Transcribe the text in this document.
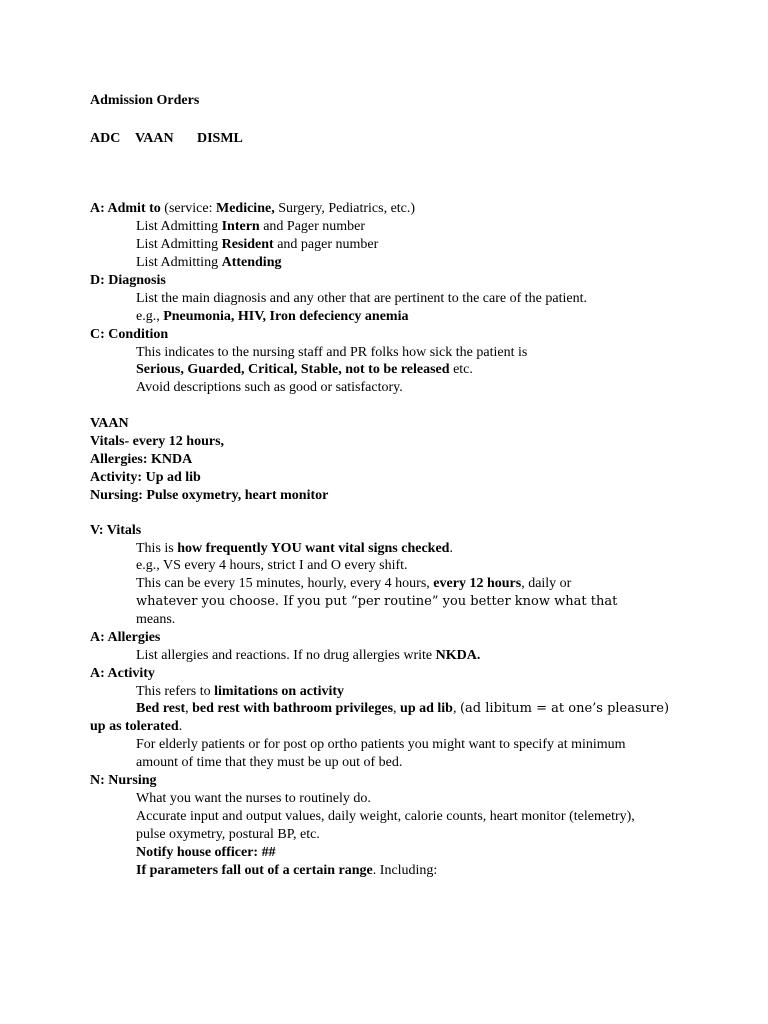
Admission Orders
ADC VAAN DISML
A: Admit to (service: Medicine, Surgery, Pediatrics, etc.)
List Admitting Intern and Pager number
List Admitting Resident and pager number
List Admitting Attending
D: Diagnosis
List the main diagnosis and any other that are pertinent to the care of the patient.
e.g., Pneumonia, HIV, Iron defeciency anemia
C: Condition
This indicates to the nursing staff and PR folks how sick the patient is
Serious, Guarded, Critical, Stable, not to be released etc.
Avoid descriptions such as good or satisfactory.
VAAN
Vitals- every 12 hours,
Allergies: KNDA
Activity: Up ad lib
Nursing: Pulse oxymetry, heart monitor
V: Vitals
This is how frequently YOU want vital signs checked.
e.g., VS every 4 hours, strict I and O every shift.
This can be every 15 minutes, hourly, every 4 hours, every 12 hours, daily or
whatever you choose. If you put “per routine” you better know what that
means.
A: Allergies
List allergies and reactions. If no drug allergies write NKDA.
A: Activity
This refers to limitations on activity
Bed rest, bed rest with bathroom privileges, up ad lib, (ad libitum = at one’s pleasure)
up as tolerated.
For elderly patients or for post op ortho patients you might want to specify at minimum
amount of time that they must be up out of bed.
N: Nursing
What you want the nurses to routinely do.
Accurate input and output values, daily weight, calorie counts, heart monitor (telemetry),
pulse oxymetry, postural BP, etc.
Notify house officer: ##
If parameters fall out of a certain range. Including:
